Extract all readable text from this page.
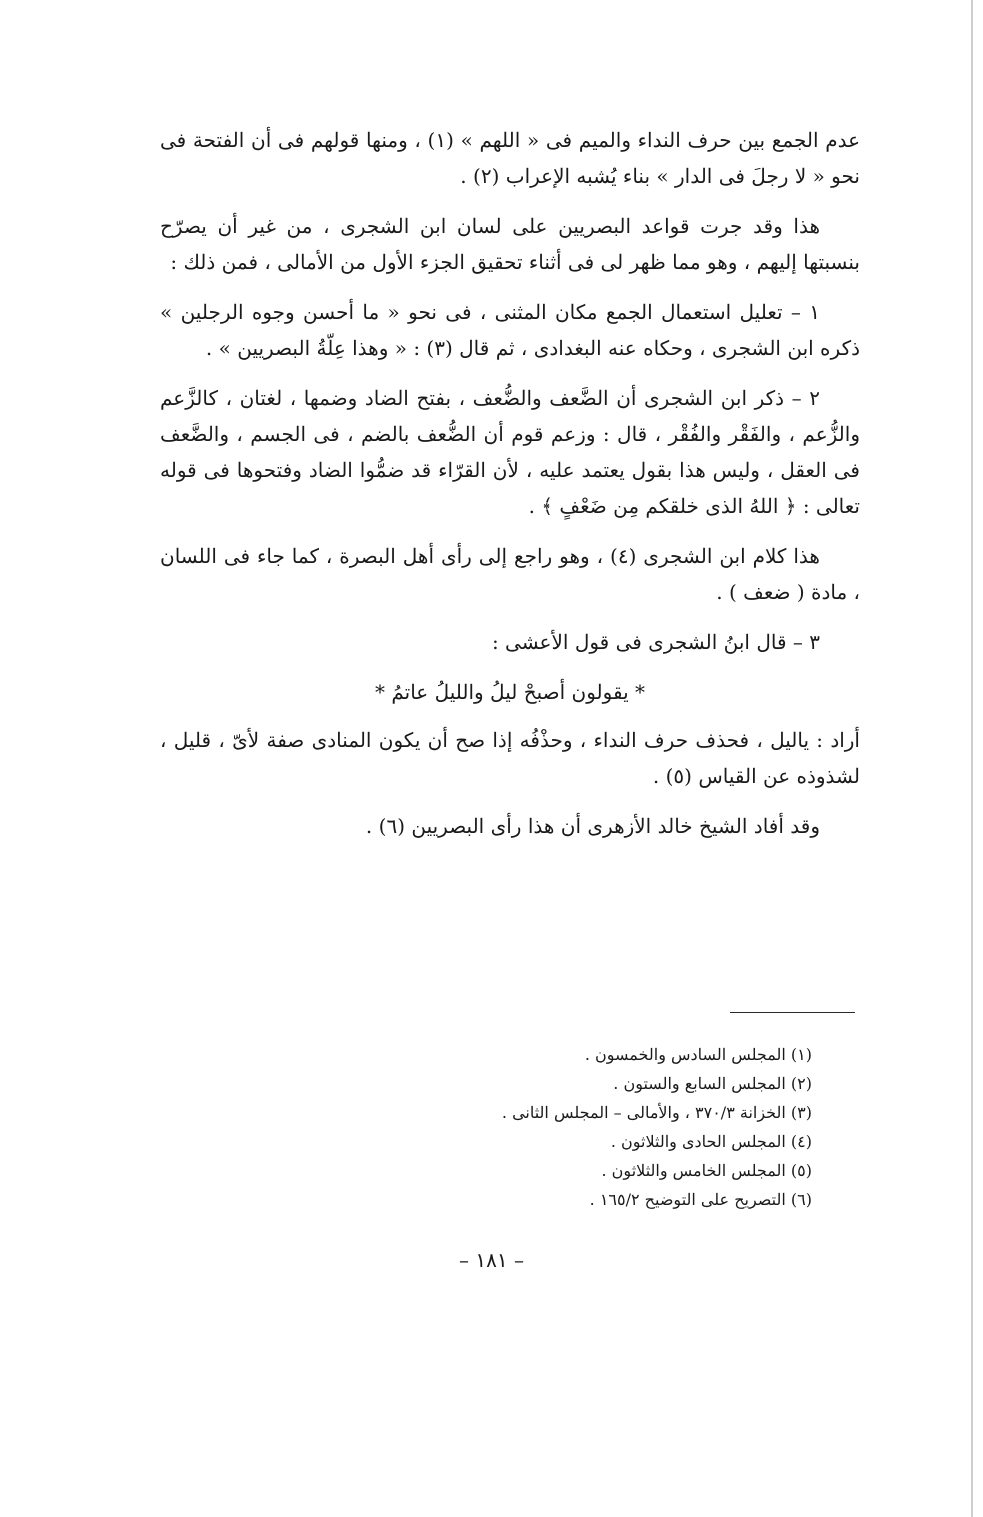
عدم الجمع بين حرف النداء والميم فى « اللهم » (١) ، ومنها قولهم فى أن الفتحة فى نحو « لا رجلَ فى الدار » بناء يُشبه الإعراب (٢) .

هذا وقد جرت قواعد البصريين على لسان ابن الشجرى ، من غير أن يصرّح بنسبتها إليهم ، وهو مما ظهر لى فى أثناء تحقيق الجزء الأول من الأمالى ، فمن ذلك :

١ – تعليل استعمال الجمع مكان المثنى ، فى نحو « ما أحسن وجوه الرجلين » ذكره ابن الشجرى ، وحكاه عنه البغدادى ، ثم قال (٣) : « وهذا عِلّةُ البصريين » .

٢ – ذكر ابن الشجرى أن الضَّعف والضُّعف ، بفتح الضاد وضمها ، لغتان ، كالزَّعم والزُّعم ، والفَقْر والفُقْر ، قال : وزعم قوم أن الضُّعف بالضم ، فى الجسم ، والضَّعف فى العقل ، وليس هذا بقول يعتمد عليه ، لأن القرّاء قد ضمُّوا الضاد وفتحوها فى قوله تعالى : ﴿ اللهُ الذى خلقكم مِن ضَعْفٍ ﴾ .

هذا كلام ابن الشجرى (٤) ، وهو راجع إلى رأى أهل البصرة ، كما جاء فى اللسان ، مادة ( ضعف ) .

٣ – قال ابنُ الشجرى فى قول الأعشى :

* يقولون أصبحْ ليلُ والليلُ عاتمُ *

أراد : ياليل ، فحذف حرف النداء ، وحذْفُه إذا صح أن يكون المنادى صفة لأىّ ، قليل ، لشذوذه عن القياس (٥) .

وقد أفاد الشيخ خالد الأزهرى أن هذا رأى البصريين (٦) .

(١) المجلس السادس والخمسون .
(٢) المجلس السابع والستون .
(٣) الخزانة ٣٧٠/٣ ، والأمالى – المجلس الثانى .
(٤) المجلس الحادى والثلاثون .
(٥) المجلس الخامس والثلاثون .
(٦) التصريح على التوضيح ١٦٥/٢ .
– ١٨١ –
